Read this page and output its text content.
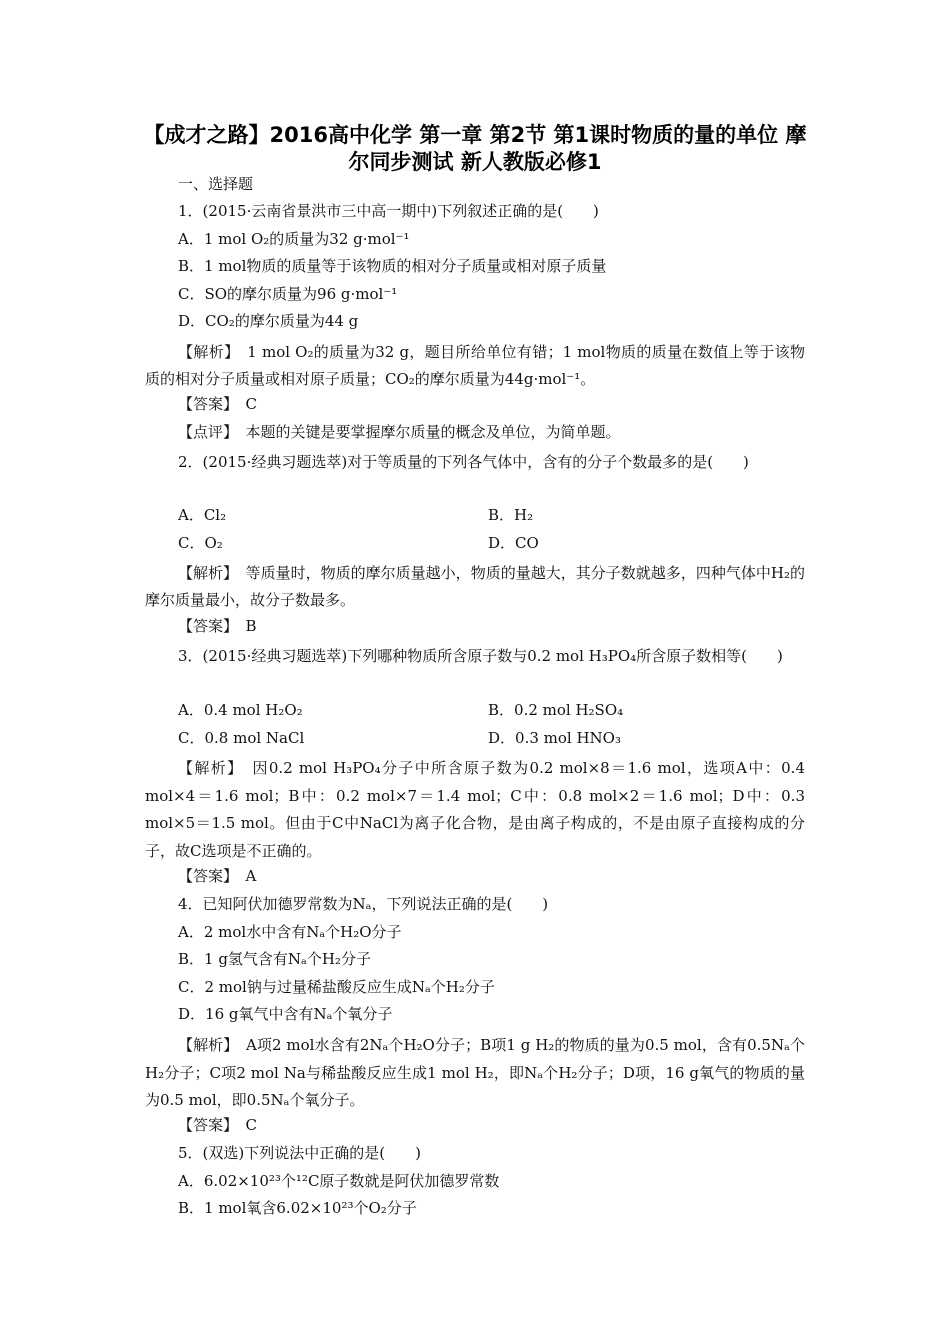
【成才之路】2016高中化学 第一章 第2节 第1课时物质的量的单位 摩尔同步测试 新人教版必修1
一、选择题
1．(2015·云南省景洪市三中高一期中)下列叙述正确的是(　　)
A．1 mol O₂的质量为32 g·mol⁻¹
B．1 mol物质的质量等于该物质的相对分子质量或相对原子质量
C．SO的摩尔质量为96 g·mol⁻¹
D．CO₂的摩尔质量为44 g
【解析】　 1 mol O₂的质量为32 g，题目所给单位有错；1 mol物质的质量在数值上等于该物质的相对分子质量或相对原子质量；CO₂的摩尔质量为44g·mol⁻¹。
【答案】　 C
【点评】　 本题的关键是要掌握摩尔质量的概念及单位，为简单题。
2．(2015·经典习题选萃)对于等质量的下列各气体中，含有的分子个数最多的是(　　)
A．Cl₂	B．H₂
C．O₂	D．CO
【解析】　 等质量时，物质的摩尔质量越小，物质的量越大，其分子数就越多，四种气体中H₂的摩尔质量最小，故分子数最多。
【答案】　 B
3．(2015·经典习题选萃)下列哪种物质所含原子数与0.2 mol H₃PO₄所含原子数相等(　　)
A．0.4 mol H₂O₂	B．0.2 mol H₂SO₄
C．0.8 mol NaCl	D．0.3 mol HNO₃
【解析】　 因0.2 mol H₃PO₄分子中所含原子数为0.2 mol×8＝1.6 mol，选项A中：0.4 mol×4＝1.6 mol；B中：0.2 mol×7＝1.4 mol；C中：0.8 mol×2＝1.6 mol；D中：0.3 mol×5＝1.5 mol。但由于C中NaCl为离子化合物，是由离子构成的，不是由原子直接构成的分子，故C选项是不正确的。
【答案】　 A
4．已知阿伏加德罗常数为Nₐ，下列说法正确的是(　　)
A．2 mol水中含有Nₐ个H₂O分子
B．1 g氢气含有Nₐ个H₂分子
C．2 mol钠与过量稀盐酸反应生成Nₐ个H₂分子
D．16 g氧气中含有Nₐ个氧分子
【解析】　 A项2 mol水含有2Nₐ个H₂O分子；B项1 g H₂的物质的量为0.5 mol，含有0.5Nₐ个H₂分子；C项2 mol Na与稀盐酸反应生成1 mol H₂，即Nₐ个H₂分子；D项，16 g氧气的物质的量为0.5 mol，即0.5Nₐ个氧分子。
【答案】　 C
5．(双选)下列说法中正确的是(　　)
A．6.02×10²³个¹²C原子数就是阿伏加德罗常数
B．1 mol氧含6.02×10²³个O₂分子
